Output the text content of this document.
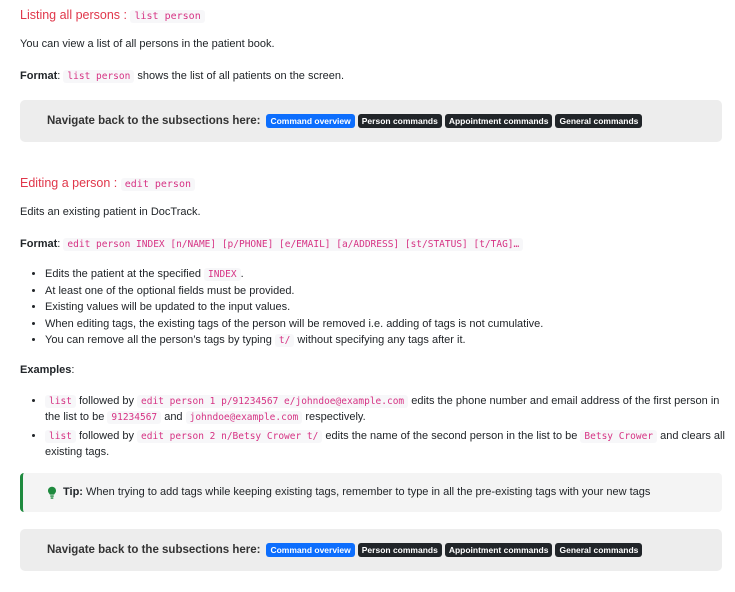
Listing all persons : list person

You can view a list of all persons in the patient book.

Format: list person shows the list of all patients on the screen.

Navigate back to the subsections here:	Command overview	Person commands	Appointment commands	General commands
Editing a person : edit person

Edits an existing patient in DocTrack.

Format: edit person INDEX [n/NAME] [p/PHONE] [e/EMAIL] [a/ADDRESS] [st/STATUS] [t/TAG]…

• Edits the patient at the specified INDEX .
• At least one of the optional fields must be provided.
• Existing values will be updated to the input values.
• When editing tags, the existing tags of the person will be removed i.e. adding of tags is not cumulative.
• You can remove all the person’s tags by typing t/ without specifying any tags after it.

Examples:

• list followed by edit person 1 p/91234567 e/johndoe@example.com edits the phone number and email address of the first person in the list to be 91234567 and johndoe@example.com respectively.
• list followed by edit person 2 n/Betsy Crower t/ edits the name of the second person in the list to be Betsy Crower and clears all existing tags.
Tip: When trying to add tags while keeping existing tags, remember to type in all the pre-existing tags with your new tags
Navigate back to the subsections here:	Command overview	Person commands	Appointment commands	General commands
